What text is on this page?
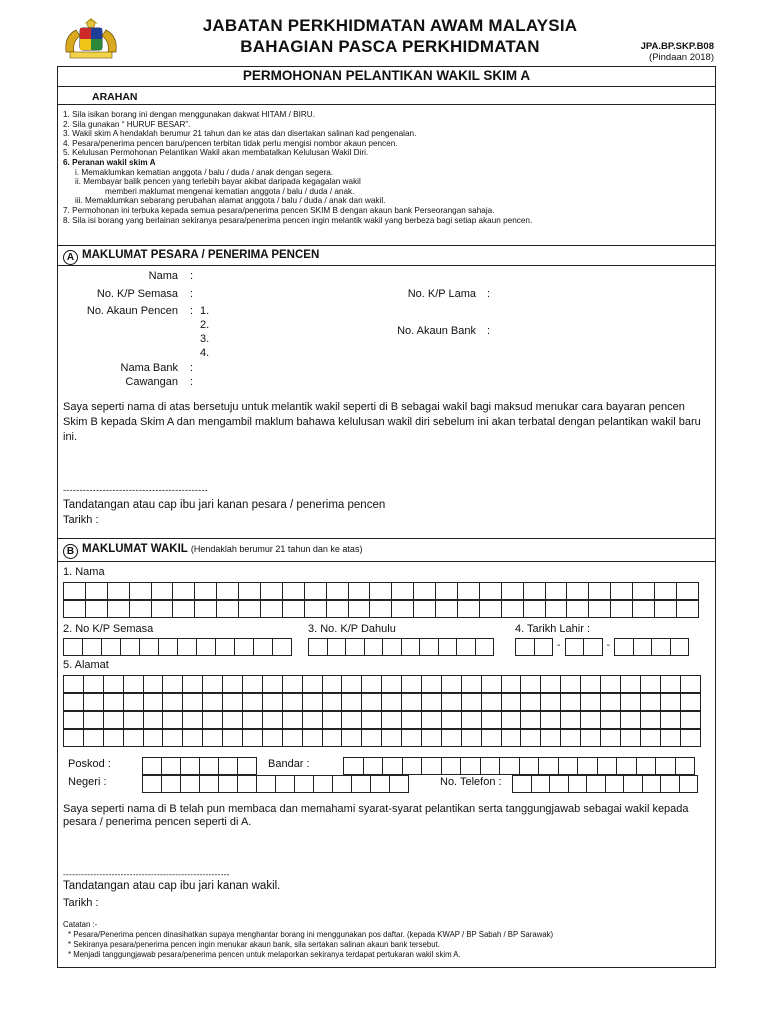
JABATAN PERKHIDMATAN AWAM MALAYSIA
BAHAGIAN PASCA PERKHIDMATAN	JPA.BP.SKP.B08
(Pindaan 2018)
PERMOHONAN PELANTIKAN WAKIL SKIM A
ARAHAN
1. Sila isikan borang ini dengan menggunakan dakwat HITAM / BIRU.
2. Sila gunakan “ HURUF BESAR”.
3. Wakil skim A hendaklah berumur 21 tahun dan ke atas dan disertakan salinan kad pengenalan.
4. Pesara/penerima pencen baru/pencen terbitan tidak perlu mengisi nombor akaun pencen.
5. Kelulusan Permohonan Pelantikan Wakil akan membatalkan Kelulusan Wakil Diri.
6. Peranan wakil skim A
i. Memaklumkan kematian anggota / balu / duda / anak dengan segera.
ii. Membayar balik pencen yang terlebih bayar akibat daripada kegagalan wakil
memberi maklumat mengenai kematian anggota / balu / duda / anak.
iii. Memaklumkan sebarang perubahan alamat anggota / balu / duda / anak dan wakil.
7. Permohonan ini terbuka kepada semua pesara/penerima pencen SKIM B dengan akaun bank Perseorangan sahaja.
8. Sila isi borang yang berlainan sekiranya pesara/penerima pencen ingin melantik wakil yang berbeza bagi setiap akaun pencen.
A MAKLUMAT PESARA / PENERIMA PENCEN
Nama :
No. K/P Semasa :
No. Akaun Pencen : 1.
2.
3.
4.
Nama Bank :
Cawangan :
No. K/P Lama :
No. Akaun Bank :
Saya seperti nama di atas bersetuju untuk melantik wakil seperti di B sebagai wakil bagi maksud menukar cara bayaran pencen Skim B kepada Skim A dan mengambil maklum bahawa kelulusan wakil diri sebelum ini akan terbatal dengan pelantikan wakil baru ini.
--------------------------------------------
Tandatangan atau cap ibu jari kanan pesara / penerima pencen
Tarikh :
B MAKLUMAT WAKIL (Hendaklah berumur 21 tahun dan ke atas)
1. Nama
2. No K/P Semasa	3. No. K/P Dahulu	4. Tarikh Lahir :
-	-
5. Alamat
Poskod :	Bandar :
Negeri :	No. Telefon :
Saya seperti nama di B telah pun membaca dan memahami syarat-syarat pelantikan serta tanggungjawab sebagai wakil kepada pesara / penerima pencen seperti di A.
-------------------------------------------------------
Tandatangan atau cap ibu jari kanan wakil.
Tarikh :
Catatan :-
* Pesara/Penerima pencen dinasihatkan supaya menghantar borang ini menggunakan pos daftar. (kepada KWAP / BP Sabah / BP Sarawak)
* Sekiranya pesara/penerima pencen ingin menukar akaun bank, sila sertakan salinan akaun bank tersebut.
* Menjadi tanggungjawab pesara/penerima pencen untuk melaporkan sekiranya terdapat pertukaran wakil skim A.
